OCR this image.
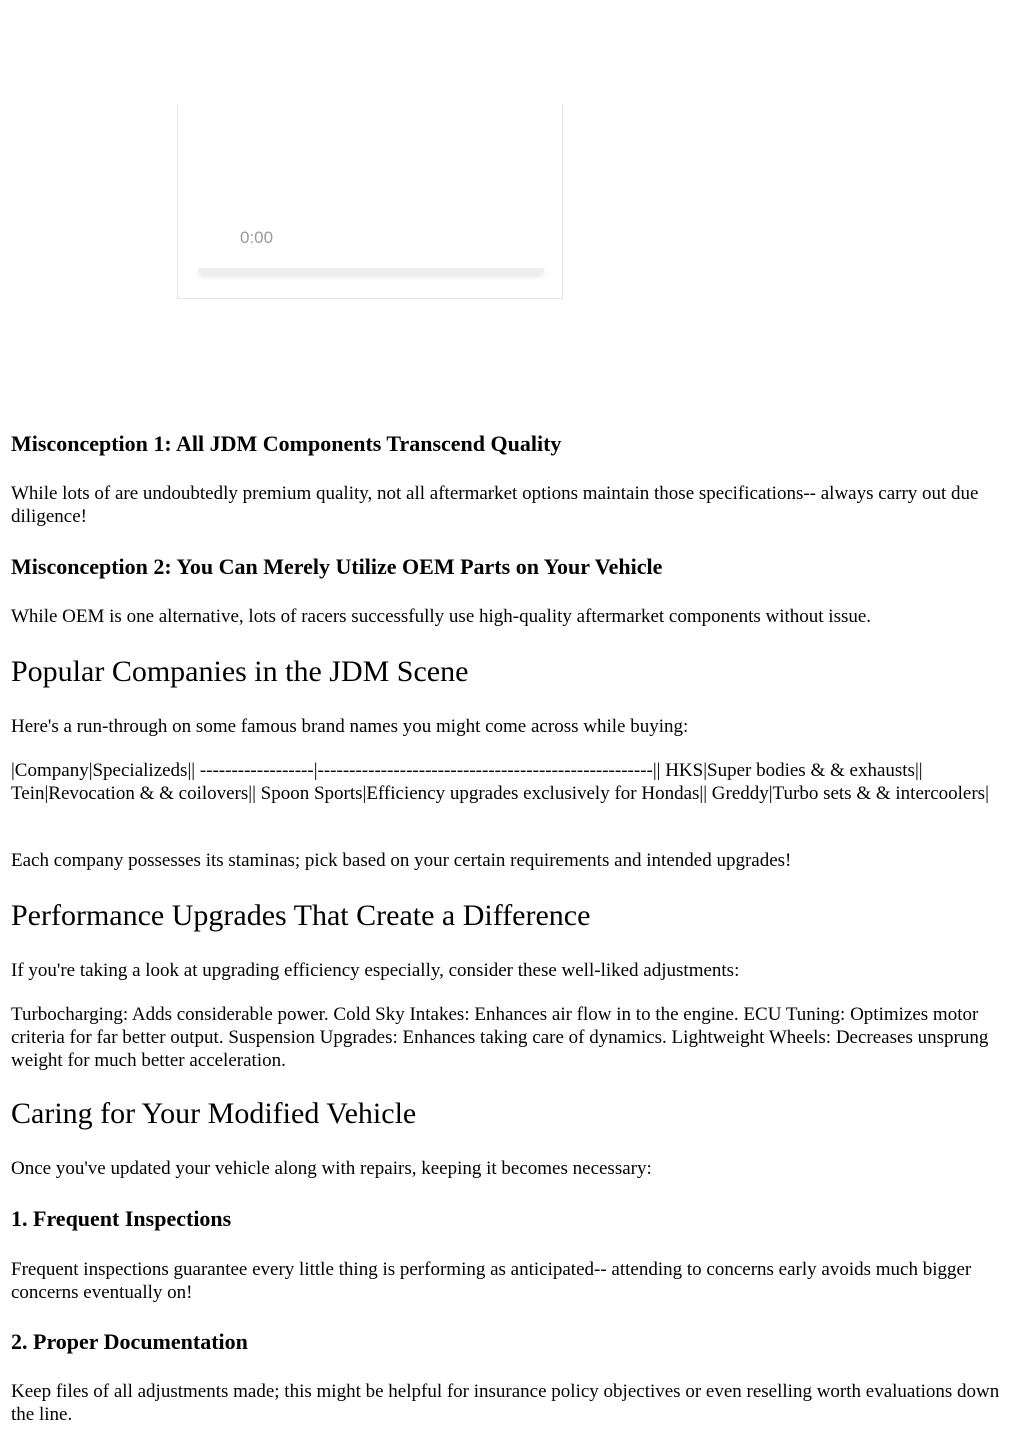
0:00
Misconception 1: All JDM Components Transcend Quality

While lots of are undoubtedly premium quality, not all aftermarket options maintain those specifications-- always carry out due diligence!

Misconception 2: You Can Merely Utilize OEM Parts on Your Vehicle

While OEM is one alternative, lots of racers successfully use high-quality aftermarket components without issue.

Popular Companies in the JDM Scene

Here's a run-through on some famous brand names you might come across while buying:

|Company|Specializeds|| ------------------|-----------------------------------------------------|| HKS|Super bodies & & exhausts|| Tein|Revocation & & coilovers|| Spoon Sports|Efficiency upgrades exclusively for Hondas|| Greddy|Turbo sets & & intercoolers|

Each company possesses its staminas; pick based on your certain requirements and intended upgrades!

Performance Upgrades That Create a Difference

If you're taking a look at upgrading efficiency especially, consider these well-liked adjustments:

Turbocharging: Adds considerable power. Cold Sky Intakes: Enhances air flow in to the engine. ECU Tuning: Optimizes motor criteria for far better output. Suspension Upgrades: Enhances taking care of dynamics. Lightweight Wheels: Decreases unsprung weight for much better acceleration.

Caring for Your Modified Vehicle

Once you've updated your vehicle along with repairs, keeping it becomes necessary:

1. Frequent Inspections

Frequent inspections guarantee every little thing is performing as anticipated-- attending to concerns early avoids much bigger concerns eventually on!

2. Proper Documentation

Keep files of all adjustments made; this might be helpful for insurance policy objectives or even reselling worth evaluations down the line.
